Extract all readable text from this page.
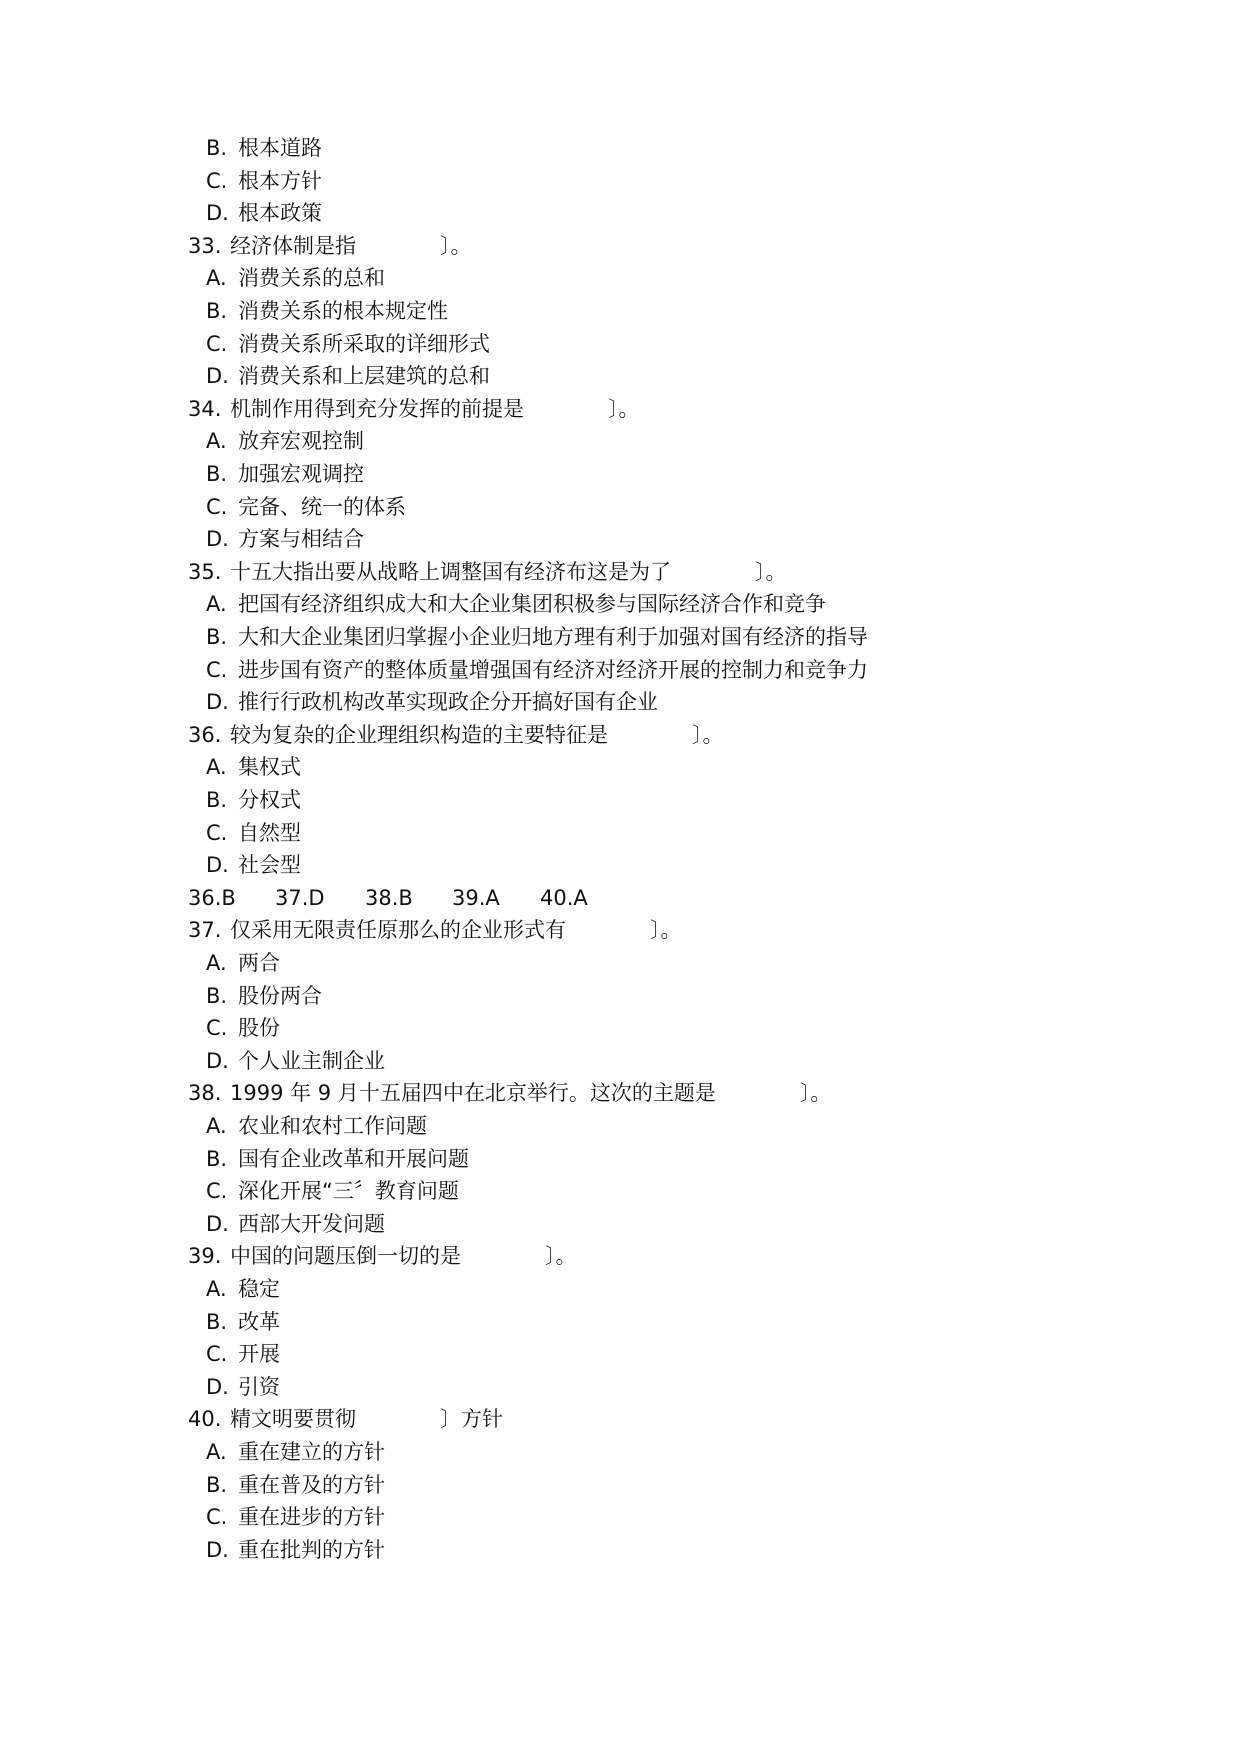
B. 根本道路
C. 根本方针
D. 根本政策
33. 经济体制是指　　　　〕。
A. 消费关系的总和
B. 消费关系的根本规定性
C. 消费关系所采取的详细形式
D. 消费关系和上层建筑的总和
34. 机制作用得到充分发挥的前提是　　　　〕。
A. 放弃宏观控制
B. 加强宏观调控
C. 完备、统一的体系
D. 方案与相结合
35. 十五大指出要从战略上调整国有经济布这是为了　　　　〕。
A. 把国有经济组织成大和大企业集团积极参与国际经济合作和竞争
B. 大和大企业集团归掌握小企业归地方理有利于加强对国有经济的指导
C. 进步国有资产的整体质量增强国有经济对经济开展的控制力和竞争力
D. 推行行政机构改革实现政企分开搞好国有企业
36. 较为复杂的企业理组织构造的主要特征是　　　　〕。
A. 集权式
B. 分权式
C. 自然型
D. 社会型
36.B 37.D 38.B 39.A 40.A
37. 仅采用无限责任原那么的企业形式有　　　　〕。
A. 两合
B. 股份两合
C. 股份
D. 个人业主制企业
38. 1999 年 9 月十五届四中在北京举行。这次的主题是　　　　〕。
A. 农业和农村工作问题
B. 国有企业改革和开展问题
C. 深化开展“三〞教育问题
D. 西部大开发问题
39. 中国的问题压倒一切的是　　　　〕。
A. 稳定
B. 改革
C. 开展
D. 引资
40. 精文明要贯彻　　　　〕方针
A. 重在建立的方针
B. 重在普及的方针
C. 重在进步的方针
D. 重在批判的方针
